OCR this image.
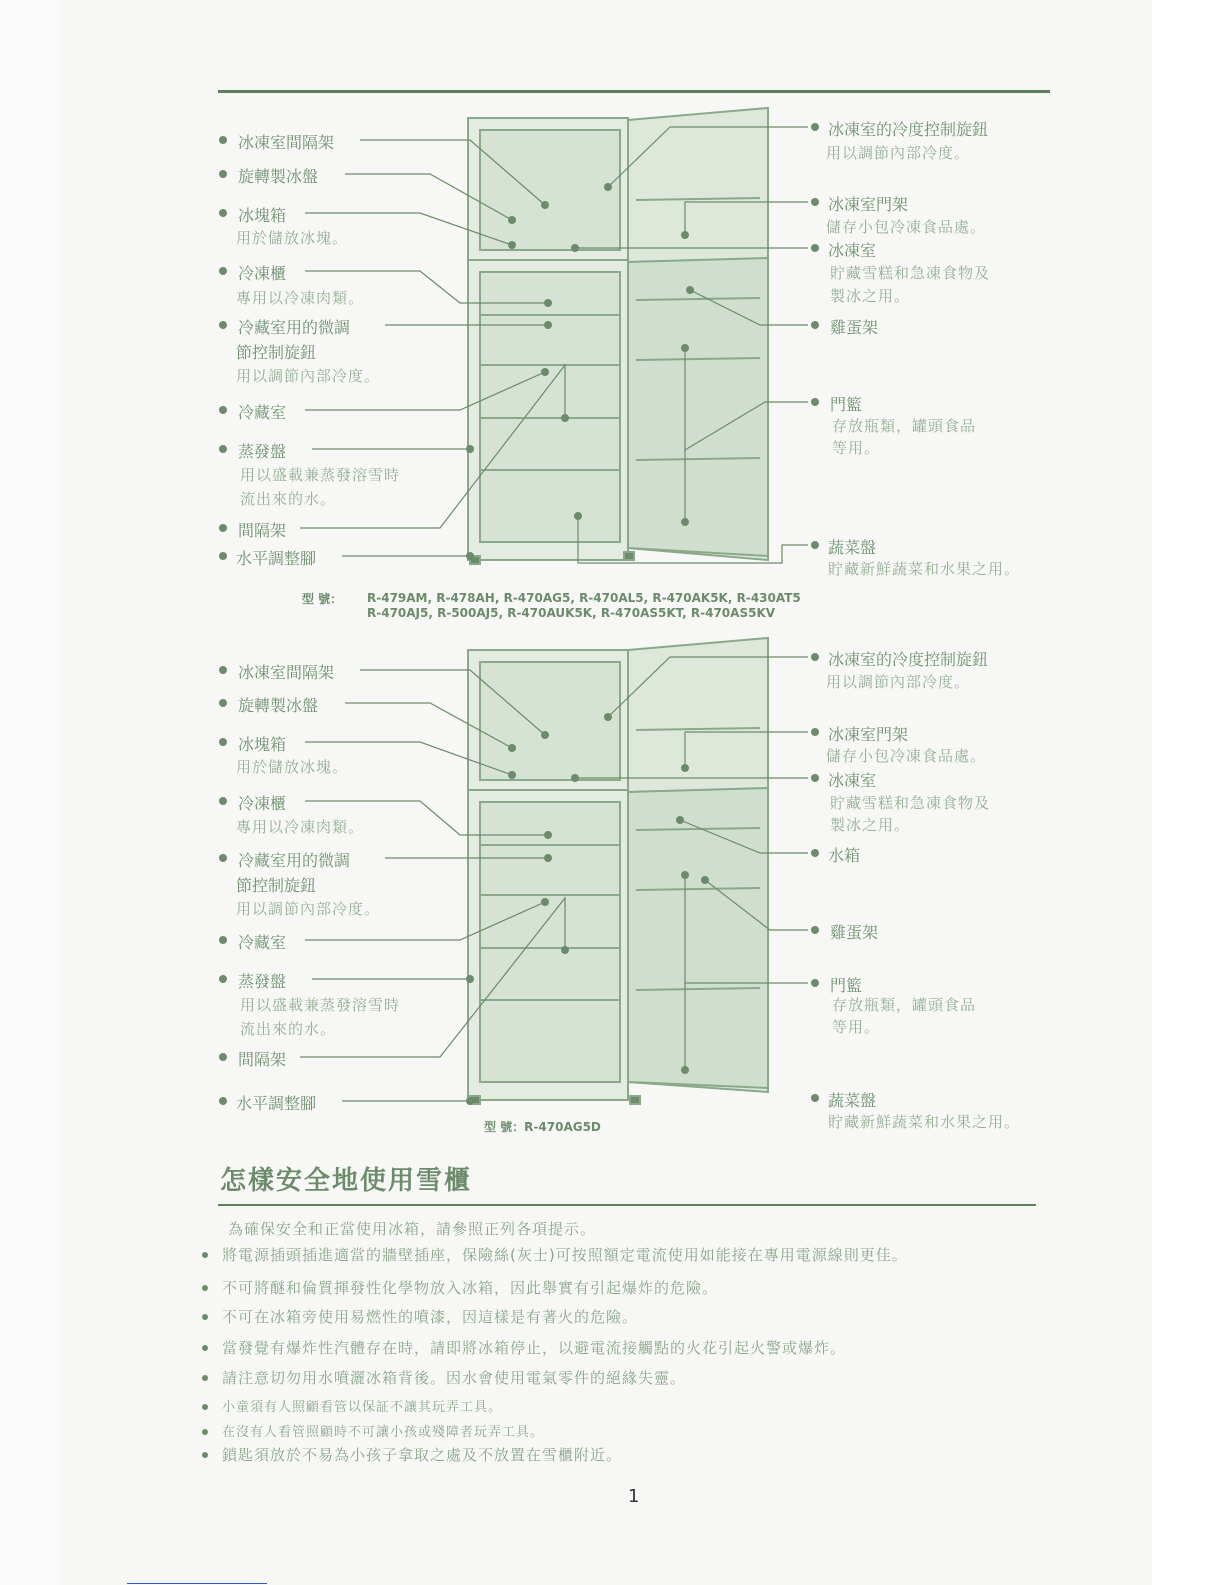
冰凍室間隔架
旋轉製冰盤
冰塊箱
用於儲放冰塊。
冷凍櫃
專用以冷凍肉類。
冷藏室用的微調
節控制旋鈕
用以調節內部冷度。
冷藏室
蒸發盤
用以盛載兼蒸發溶雪時
流出來的水。
間隔架
水平調整腳
冰凍室的冷度控制旋鈕
用以調節內部冷度。
冰凍室門架
儲存小包冷凍食品處。
冰凍室
貯藏雪糕和急凍食物及
製冰之用。
雞蛋架
門籃
存放瓶類，罐頭食品
等用。
蔬菜盤
貯藏新鮮蔬菜和水果之用。
型 號： R-479AM, R-478AH, R-470AG5, R-470AL5, R-470AK5K, R-430AT5
R-470AJ5, R-500AJ5, R-470AUK5K, R-470AS5KT, R-470AS5KV
冰凍室間隔架
旋轉製冰盤
冰塊箱
用於儲放冰塊。
冷凍櫃
專用以冷凍肉類。
冷藏室用的微調
節控制旋鈕
用以調節內部冷度。
冷藏室
蒸發盤
用以盛載兼蒸發溶雪時
流出來的水。
間隔架
水平調整腳
冰凍室的冷度控制旋鈕
用以調節內部冷度。
冰凍室門架
儲存小包冷凍食品處。
冰凍室
貯藏雪糕和急凍食物及
製冰之用。
水箱
雞蛋架
門籃
存放瓶類，罐頭食品
等用。
蔬菜盤
貯藏新鮮蔬菜和水果之用。
型 號：R-470AG5D
怎樣安全地使用雪櫃
為確保安全和正當使用冰箱，請參照正列各項提示。
將電源插頭插進適當的牆壁插座，保險絲(灰士)可按照額定電流使用如能接在專用電源線則更佳。
不可將醚和倫質揮發性化學物放入冰箱，因此舉實有引起爆炸的危險。
不可在冰箱旁使用易燃性的噴漆，因這樣是有著火的危險。
當發覺有爆炸性汽體存在時，請即將冰箱停止，以避電流接觸點的火花引起火警或爆炸。
請注意切勿用水噴灑冰箱背後。因水會使用電氣零件的絕緣失靈。
小童須有人照顧看管以保証不讓其玩弄工具。
在沒有人看管照顧時不可讓小孩或殘障者玩弄工具。
鎖匙須放於不易為小孩子拿取之處及不放置在雪櫃附近。
1
